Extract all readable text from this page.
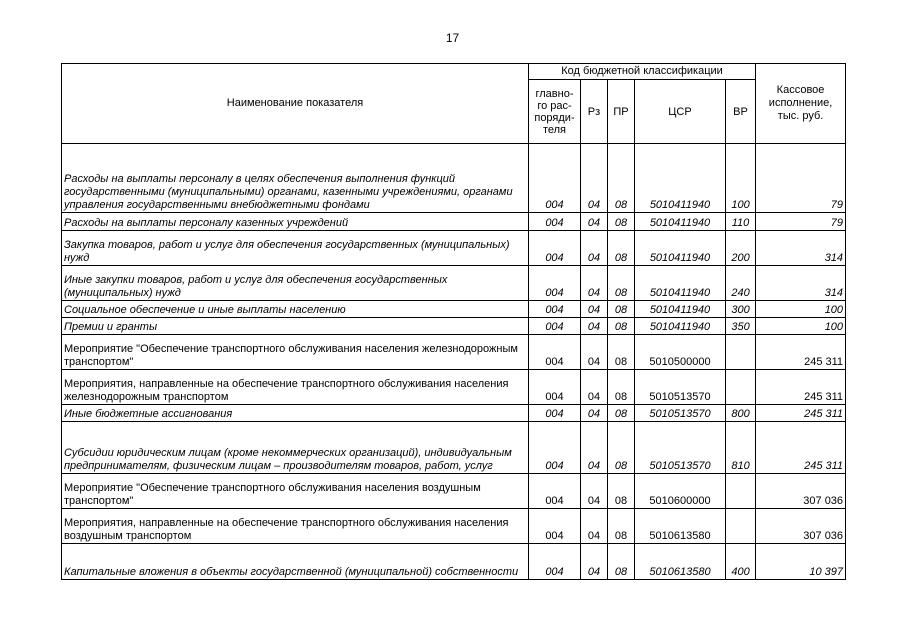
17
Наименование показателя	Код бюджетной классификации					Кассовое исполнение, тыс. руб.
	главно-го рас-поряди-теля	Рз	ПР	ЦСР	ВР	
Расходы на выплаты персоналу в целях обеспечения выполнения функций государственными (муниципальными) органами, казенными учреждениями, органами управления государственными внебюджетными фондами	004	04	08	5010411940	100	79
Расходы на выплаты персоналу казенных учреждений	004	04	08	5010411940	110	79
Закупка товаров, работ и услуг для обеспечения государственных (муниципальных) нужд	004	04	08	5010411940	200	314
Иные закупки товаров, работ и услуг для обеспечения государственных (муниципальных) нужд	004	04	08	5010411940	240	314
Социальное обеспечение и иные выплаты населению	004	04	08	5010411940	300	100
Премии и гранты	004	04	08	5010411940	350	100
Мероприятие "Обеспечение транспортного обслуживания населения железнодорожным транспортом"	004	04	08	5010500000		245 311
Мероприятия, направленные на обеспечение транспортного обслуживания населения железнодорожным транспортом	004	04	08	5010513570		245 311
Иные бюджетные ассигнования	004	04	08	5010513570	800	245 311
Субсидии юридическим лицам (кроме некоммерческих организаций), индивидуальным предпринимателям, физическим лицам – производителям товаров, работ, услуг	004	04	08	5010513570	810	245 311
Мероприятие "Обеспечение транспортного обслуживания населения воздушным транспортом"	004	04	08	5010600000		307 036
Мероприятия, направленные на обеспечение транспортного обслуживания населения воздушным транспортом	004	04	08	5010613580		307 036
Капитальные вложения в объекты государственной (муниципальной) собственности	004	04	08	5010613580	400	10 397
